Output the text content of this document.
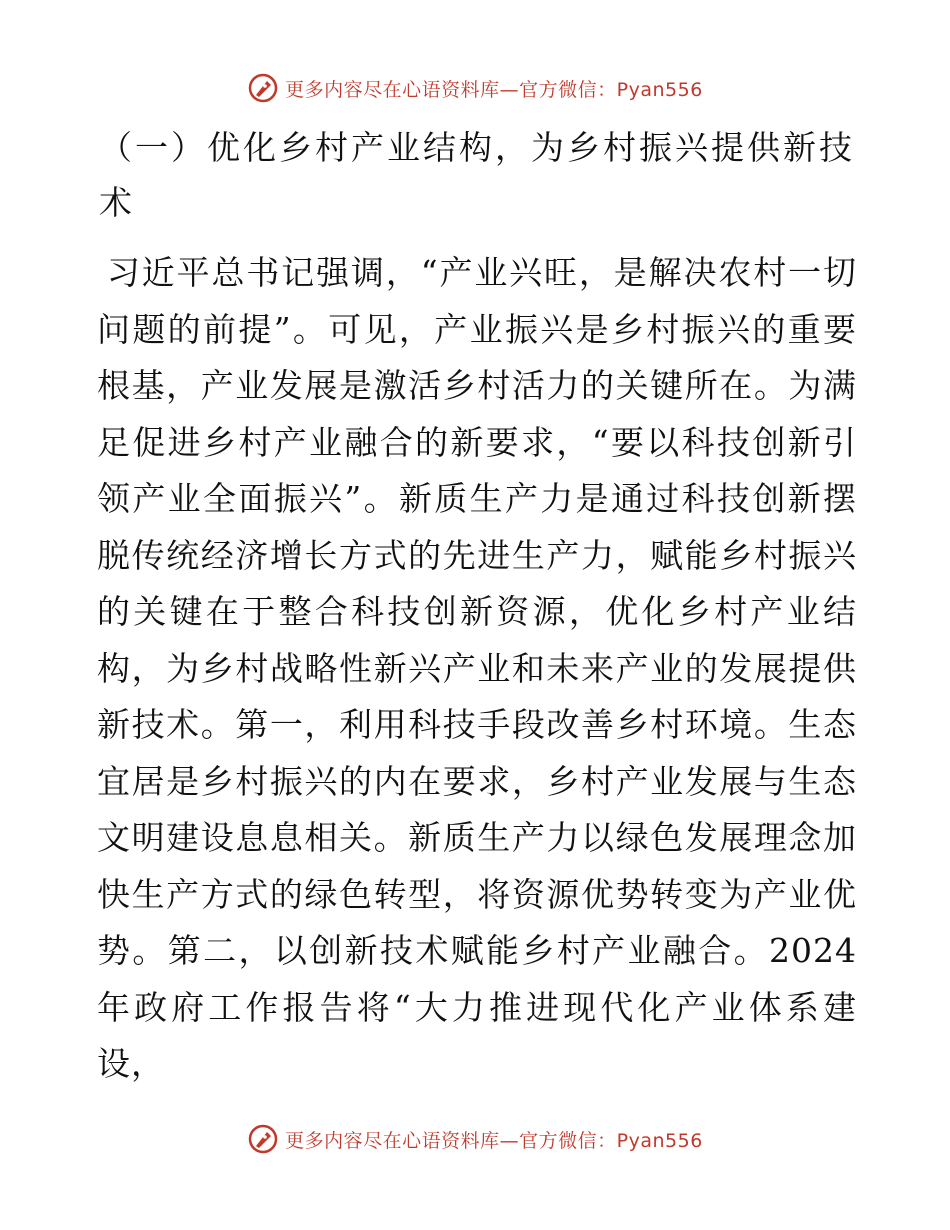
更多内容尽在心语资料库—官方微信：Pyan556
（一）优化乡村产业结构，为乡村振兴提供新技术

习近平总书记强调，“产业兴旺，是解决农村一切问题的前提”。可见，产业振兴是乡村振兴的重要根基，产业发展是激活乡村活力的关键所在。为满足促进乡村产业融合的新要求，“要以科技创新引领产业全面振兴”。新质生产力是通过科技创新摆脱传统经济增长方式的先进生产力，赋能乡村振兴的关键在于整合科技创新资源，优化乡村产业结构，为乡村战略性新兴产业和未来产业的发展提供新技术。第一，利用科技手段改善乡村环境。生态宜居是乡村振兴的内在要求，乡村产业发展与生态文明建设息息相关。新质生产力以绿色发展理念加快生产方式的绿色转型，将资源优势转变为产业优势。第二，以创新技术赋能乡村产业融合。2024年政府工作报告将“大力推进现代化产业体系建设，

更多内容尽在心语资料库—官方微信：Pyan556
